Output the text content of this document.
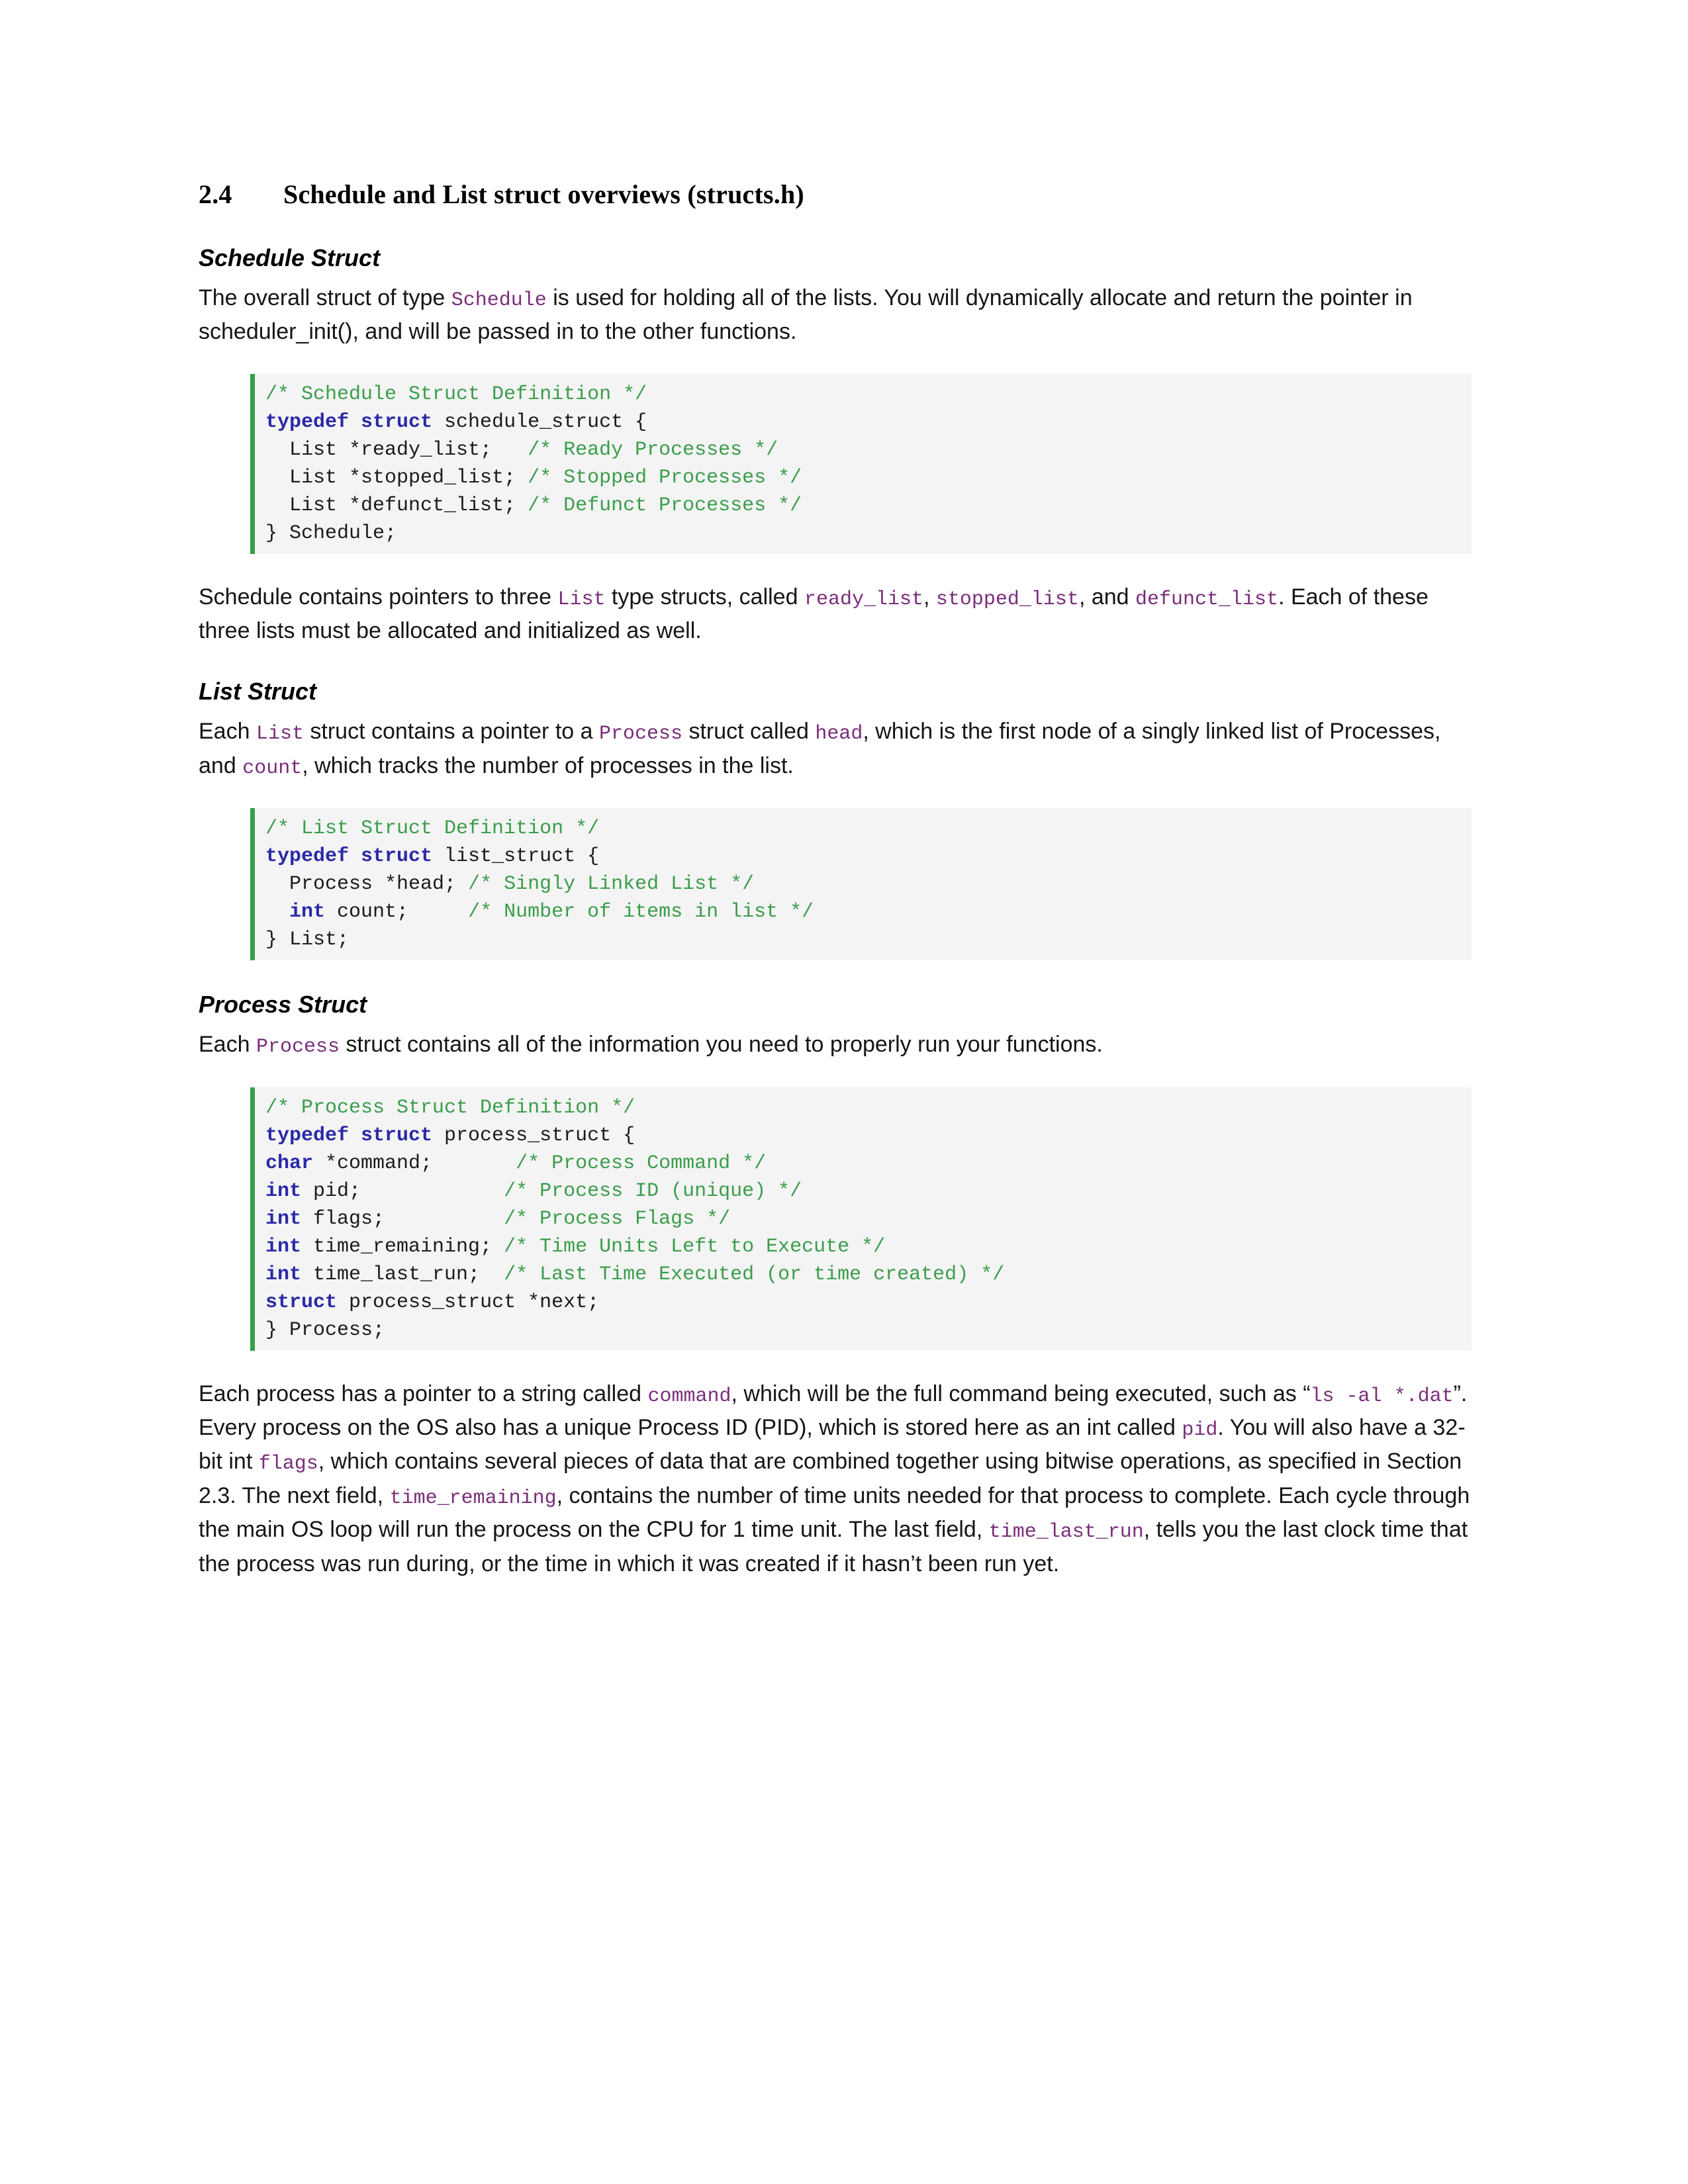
2.4	Schedule and List struct overviews (structs.h)
Schedule Struct

The overall struct of type Schedule is used for holding all of the lists. You will dynamically allocate and return the pointer in scheduler_init(), and will be passed in to the other functions.

/* Schedule Struct Definition */
typedef struct schedule_struct {
List *ready_list;   /* Ready Processes */
List *stopped_list; /* Stopped Processes */
List *defunct_list; /* Defunct Processes */
} Schedule;

Schedule contains pointers to three List type structs, called ready_list, stopped_list, and defunct_list. Each of these three lists must be allocated and initialized as well.

List Struct

Each List struct contains a pointer to a Process struct called head, which is the first node of a singly linked list of Processes, and count, which tracks the number of processes in the list.

/* List Struct Definition */
typedef struct list_struct {
Process *head; /* Singly Linked List */
int count;     /* Number of items in list */
} List;
Process Struct

Each Process struct contains all of the information you need to properly run your functions.

/* Process Struct Definition */
typedef struct process_struct {
char *command;       /* Process Command */
int pid;            /* Process ID (unique) */
int flags;          /* Process Flags */
int time_remaining; /* Time Units Left to Execute */
int time_last_run;  /* Last Time Executed (or time created) */
struct process_struct *next;
} Process;

Each process has a pointer to a string called command, which will be the full command being executed, such as “ls -al *.dat”. Every process on the OS also has a unique Process ID (PID), which is stored here as an int called pid. You will also have a 32-bit int flags, which contains several pieces of data that are combined together using bitwise operations, as specified in Section 2.3. The next field, time_remaining, contains the number of time units needed for that process to complete. Each cycle through the main OS loop will run the process on the CPU for 1 time unit. The last field, time_last_run, tells you the last clock time that the process was run during, or the time in which it was created if it hasn’t been run yet.
